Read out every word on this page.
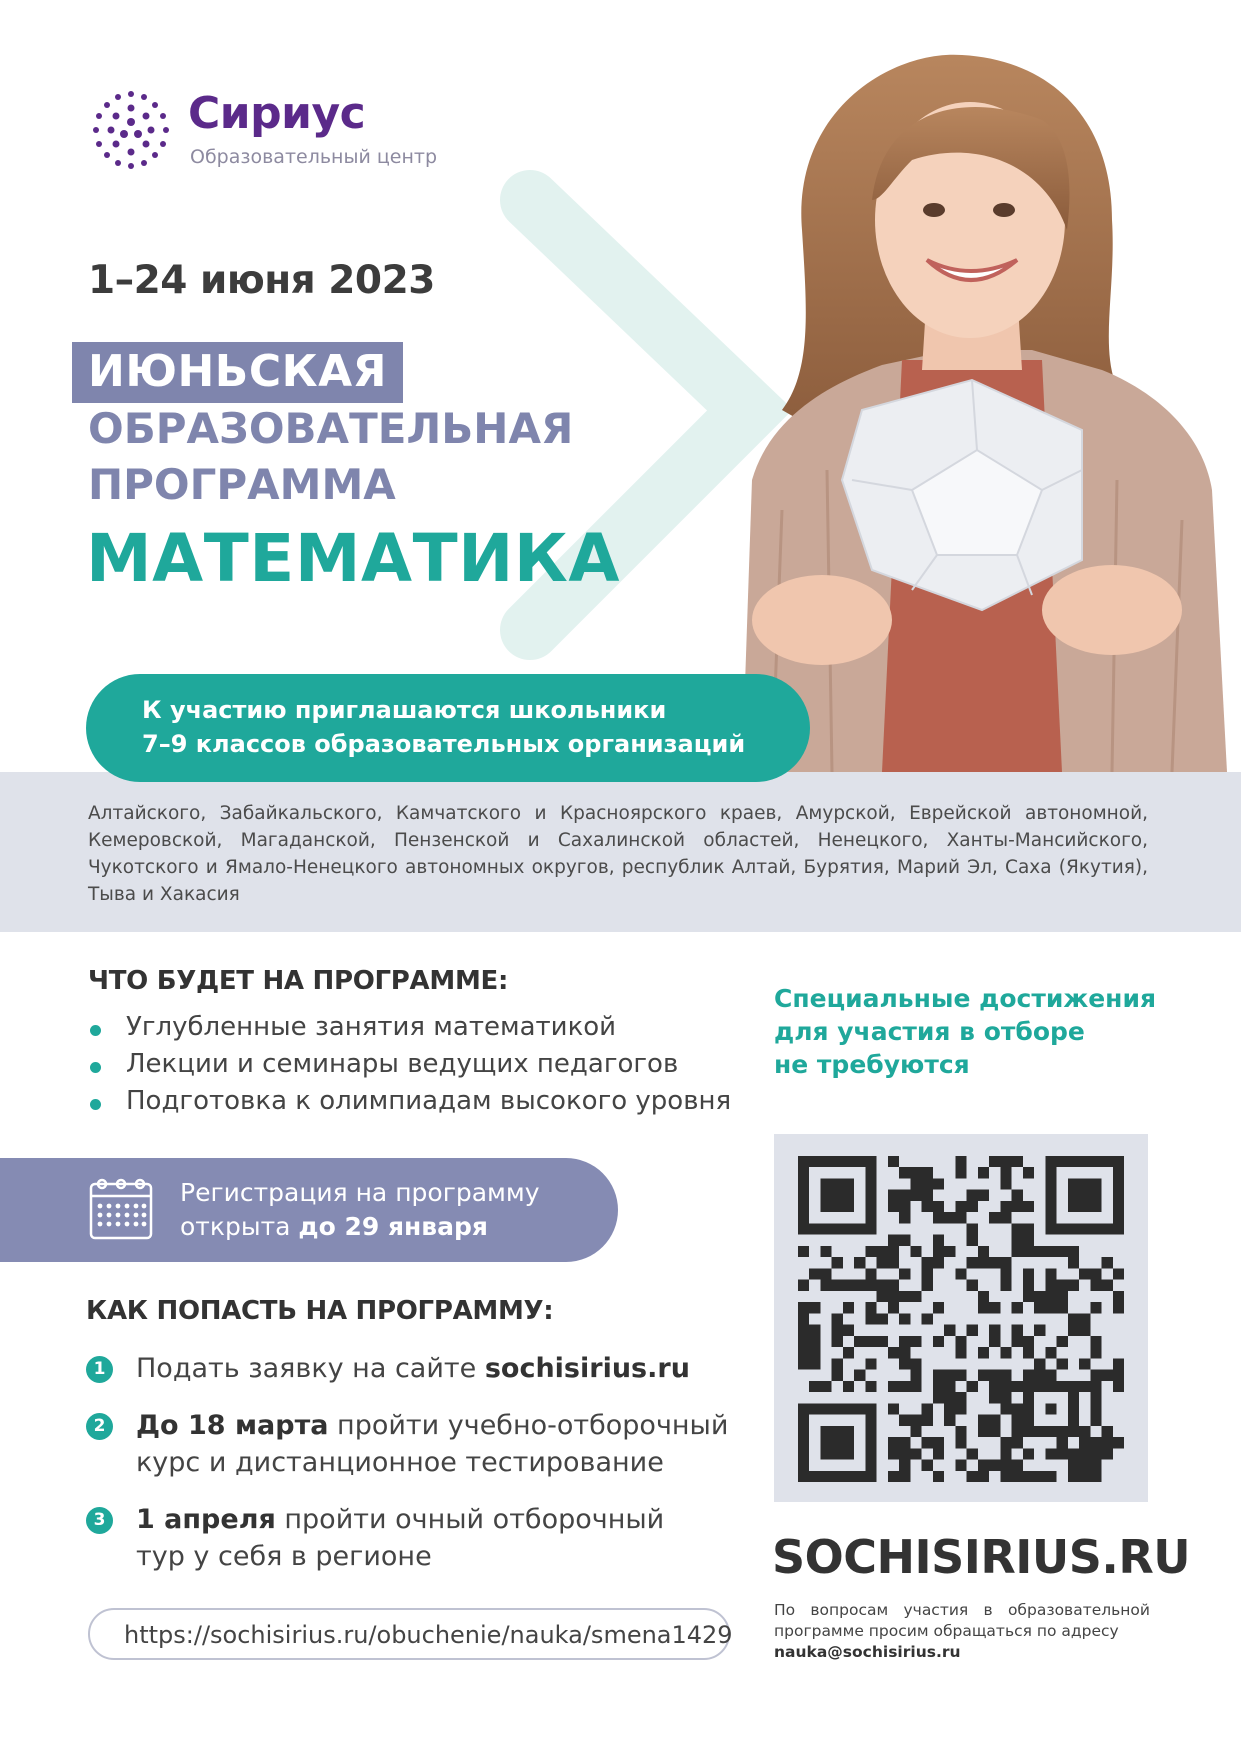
Сириус
Образовательный центр
1–24 июня 2023
ИЮНЬСКАЯ
ОБРАЗОВАТЕЛЬНАЯ
ПРОГРАММА
МАТЕМАТИКА
К участию приглашаются школьники
7–9 классов образовательных организаций
Алтайского, Забайкальского, Камчатского и Красноярского краев, Амурской, Еврейской автономной, Кемеровской, Магаданской, Пензенской и Сахалинской областей, Ненецкого, Ханты-Мансийского, Чукотского и Ямало-Ненецкого автономных округов, республик Алтай, Бурятия, Марий Эл, Саха (Якутия), Тыва и Хакасия
ЧТО БУДЕТ НА ПРОГРАММЕ:
Углубленные занятия математикой
Лекции и семинары ведущих педагогов
Подготовка к олимпиадам высокого уровня
Специальные достижения
для участия в отборе
не требуются
Регистрация на программу
открыта до 29 января
КАК ПОПАСТЬ НА ПРОГРАММУ:
1 Подать заявку на сайте sochisirius.ru
2 До 18 марта пройти учебно-отборочный
курс и дистанционное тестирование
3 1 апреля пройти очный отборочный
тур у себя в регионе
https://sochisirius.ru/obuchenie/nauka/smena1429
SOCHISIRIUS.RU
По вопросам участия в образовательной программе просим обращаться по адресу
nauka@sochisirius.ru
